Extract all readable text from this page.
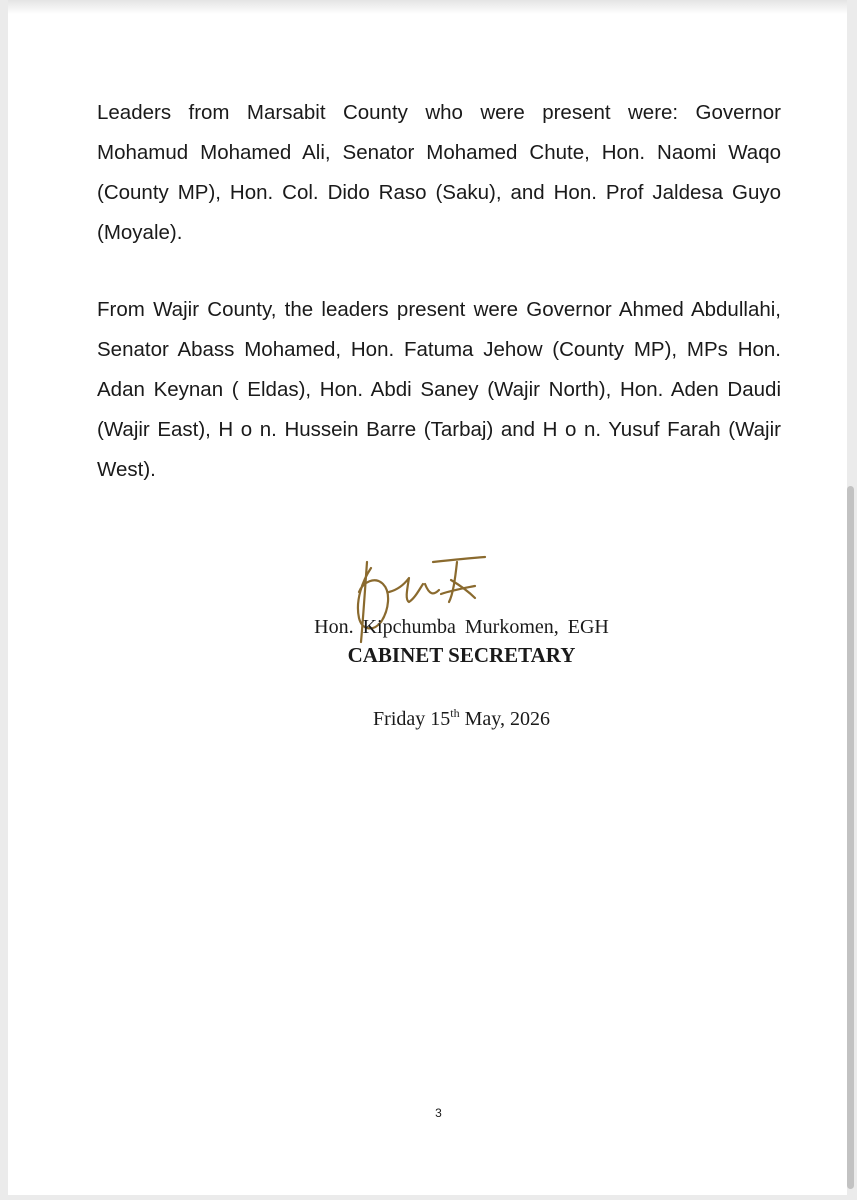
Leaders from Marsabit County who were present were: Governor Mohamud Mohamed Ali, Senator Mohamed Chute, Hon. Naomi Waqo (County MP), Hon. Col. Dido Raso (Saku), and Hon. Prof Jaldesa Guyo (Moyale).

From Wajir County, the leaders present were Governor Ahmed Abdullahi, Senator Abass Mohamed, Hon. Fatuma Jehow (County MP), MPs Hon. Adan Keynan ( Eldas), Hon. Abdi Saney (Wajir North), Hon. Aden Daudi (Wajir East), H o n. Hussein Barre (Tarbaj) and H o n. Yusuf Farah (Wajir West).

Hon. Kipchumba Murkomen, EGH
CABINET SECRETARY
Friday 15th May, 2026
3
